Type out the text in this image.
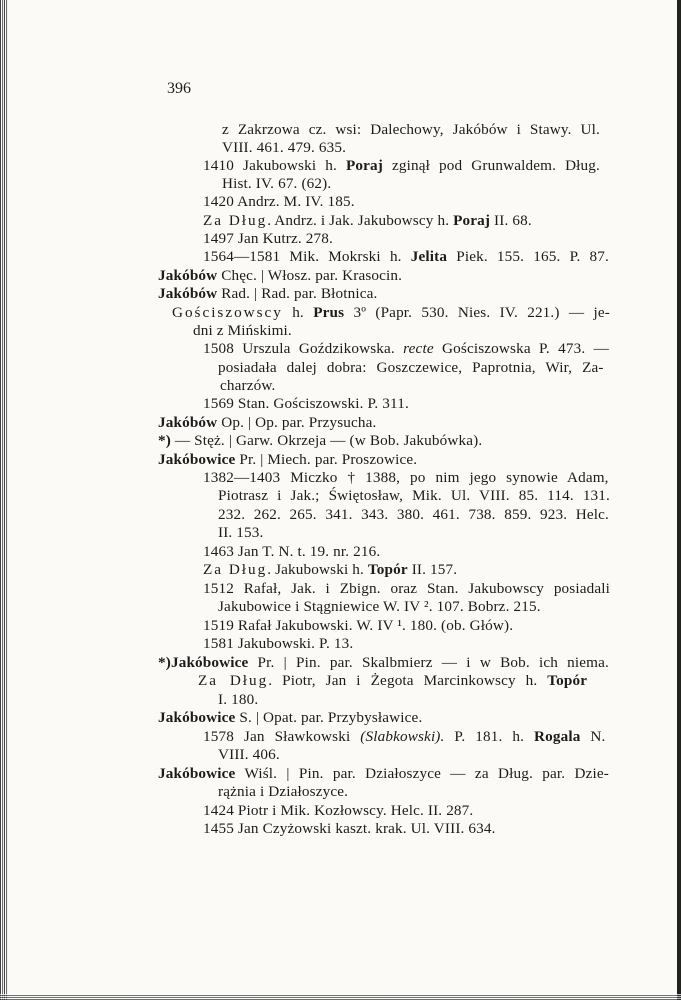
396
z Zakrzowa cz. wsi: Dalechowy, Jakóbów i Stawy. Ul.
VIII. 461. 479. 635.
1410 Jakubowski h. Poraj zginął pod Grunwaldem. Dług.
Hist. IV. 67. (62).
1420 Andrz. M. IV. 185.
Za Dług. Andrz. i Jak. Jakubowscy h. Poraj II. 68.
1497 Jan Kutrz. 278.
1564—1581 Mik. Mokrski h. Jelita Piek. 155. 165. P. 87.
Jakóbów Chęc. | Włosz. par. Krasocin.
Jakóbów Rad. | Rad. par. Błotnica.
Gościszowscy h. Prus 3º (Papr. 530. Nies. IV. 221.) — je-
dni z Mińskimi.
1508 Urszula Goździkowska. recte Gościszowska P. 473. —
posiadała dalej dobra: Goszczewice, Paprotnia, Wir, Za-
charzów.
1569 Stan. Gościszowski. P. 311.
Jakóbów Op. | Op. par. Przysucha.
*) — Stęż. | Garw. Okrzeja — (w Bob. Jakubówka).
Jakóbowice Pr. | Miech. par. Proszowice.
1382—1403 Miczko † 1388, po nim jego synowie Adam,
Piotrasz i Jak.; Świętosław, Mik. Ul. VIII. 85. 114. 131.
232. 262. 265. 341. 343. 380. 461. 738. 859. 923. Helc.
II. 153.
1463 Jan T. N. t. 19. nr. 216.
Za Dług. Jakubowski h. Topór II. 157.
1512 Rafał, Jak. i Zbign. oraz Stan. Jakubowscy posiadali
Jakubowice i Stągniewice W. IV ². 107. Bobrz. 215.
1519 Rafał Jakubowski. W. IV ¹. 180. (ob. Głów).
1581 Jakubowski. P. 13.
*)Jakóbowice Pr. | Pin. par. Skalbmierz — i w Bob. ich niema.
Za Dług. Piotr, Jan i Żegota Marcinkowscy h. Topór
I. 180.
Jakóbowice S. | Opat. par. Przybysławice.
1578 Jan Sławkowski (Slabkowski). P. 181. h. Rogala N.
VIII. 406.
Jakóbowice Wiśl. | Pin. par. Działoszyce — za Dług. par. Dzie-
rążnia i Działoszyce.
1424 Piotr i Mik. Kozłowscy. Helc. II. 287.
1455 Jan Czyżowski kaszt. krak. Ul. VIII. 634.
